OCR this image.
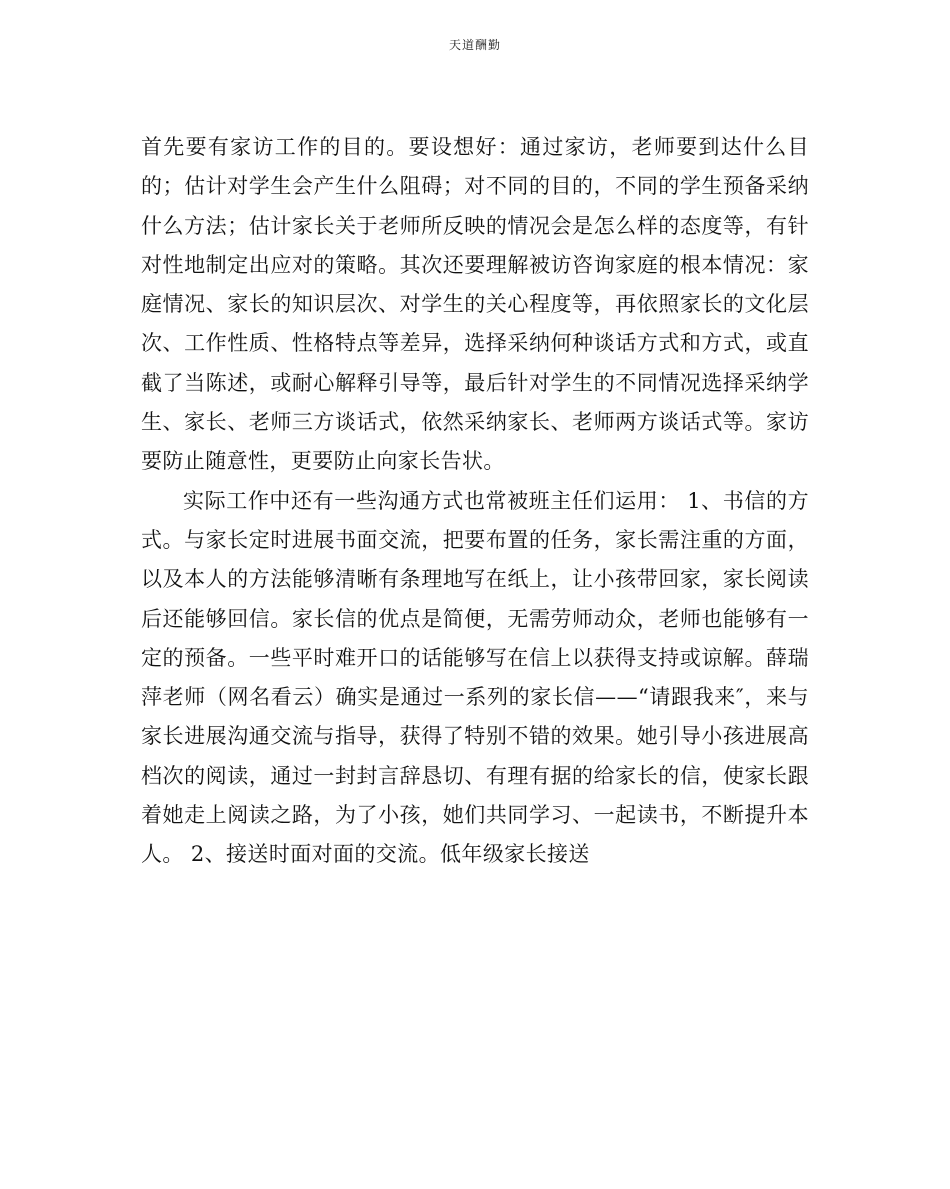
天道酬勤

首先要有家访工作的目的。要设想好：通过家访，老师要到达什么目的；估计对学生会产生什么阻碍；对不同的目的，不同的学生预备采纳什么方法；估计家长关于老师所反映的情况会是怎么样的态度等，有针对性地制定出应对的策略。其次还要理解被访咨询家庭的根本情况：家庭情况、家长的知识层次、对学生的关心程度等，再依照家长的文化层次、工作性质、性格特点等差异，选择采纳何种谈话方式和方式，或直截了当陈述，或耐心解释引导等，最后针对学生的不同情况选择采纳学生、家长、老师三方谈话式，依然采纳家长、老师两方谈话式等。家访要防止随意性，更要防止向家长告状。

实际工作中还有一些沟通方式也常被班主任们运用： 1、书信的方式。与家长定时进展书面交流，把要布置的任务，家长需注重的方面，以及本人的方法能够清晰有条理地写在纸上，让小孩带回家，家长阅读后还能够回信。家长信的优点是简便，无需劳师动众，老师也能够有一定的预备。一些平时难开口的话能够写在信上以获得支持或谅解。薛瑞萍老师（网名看云）确实是通过一系列的家长信——“请跟我来″，来与家长进展沟通交流与指导，获得了特别不错的效果。她引导小孩进展高档次的阅读，通过一封封言辞恳切、有理有据的给家长的信，使家长跟着她走上阅读之路，为了小孩，她们共同学习、一起读书，不断提升本人。 2、接送时面对面的交流。低年级家长接送
